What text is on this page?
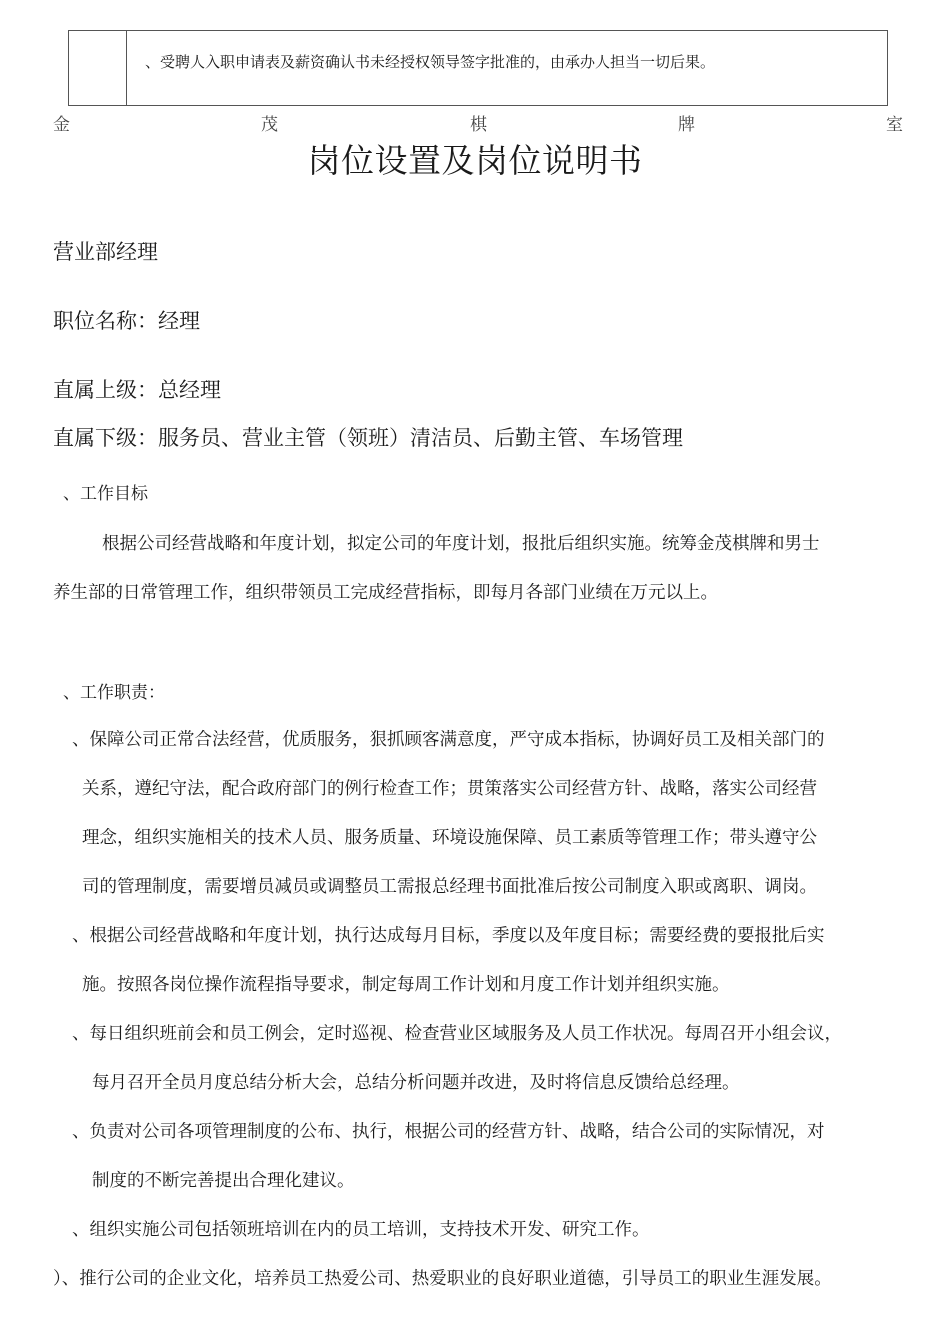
、受聘人入职申请表及薪资确认书未经授权领导签字批准的，由承办人担当一切后果。
金	茂	棋	牌	室
岗位设置及岗位说明书
营业部经理
职位名称：经理
直属上级：总经理
直属下级：服务员、营业主管（领班）清洁员、后勤主管、车场管理
、工作目标
根据公司经营战略和年度计划，拟定公司的年度计划，报批后组织实施。统筹金茂棋牌和男士
养生部的日常管理工作，组织带领员工完成经营指标，即每月各部门业绩在万元以上。
、工作职责：
、保障公司正常合法经营，优质服务，狠抓顾客满意度，严守成本指标，协调好员工及相关部门的
关系，遵纪守法，配合政府部门的例行检查工作；贯策落实公司经营方针、战略，落实公司经营
理念，组织实施相关的技术人员、服务质量、环境设施保障、员工素质等管理工作；带头遵守公
司的管理制度，需要增员减员或调整员工需报总经理书面批准后按公司制度入职或离职、调岗。
、根据公司经营战略和年度计划，执行达成每月目标，季度以及年度目标；需要经费的要报批后实
施。按照各岗位操作流程指导要求，制定每周工作计划和月度工作计划并组织实施。
、每日组织班前会和员工例会，定时巡视、检查营业区域服务及人员工作状况。每周召开小组会议，
每月召开全员月度总结分析大会，总结分析问题并改进，及时将信息反馈给总经理。
、负责对公司各项管理制度的公布、执行，根据公司的经营方针、战略，结合公司的实际情况，对
制度的不断完善提出合理化建议。
、组织实施公司包括领班培训在内的员工培训，支持技术开发、研究工作。
）、推行公司的企业文化，培养员工热爱公司、热爱职业的良好职业道德，引导员工的职业生涯发展。
